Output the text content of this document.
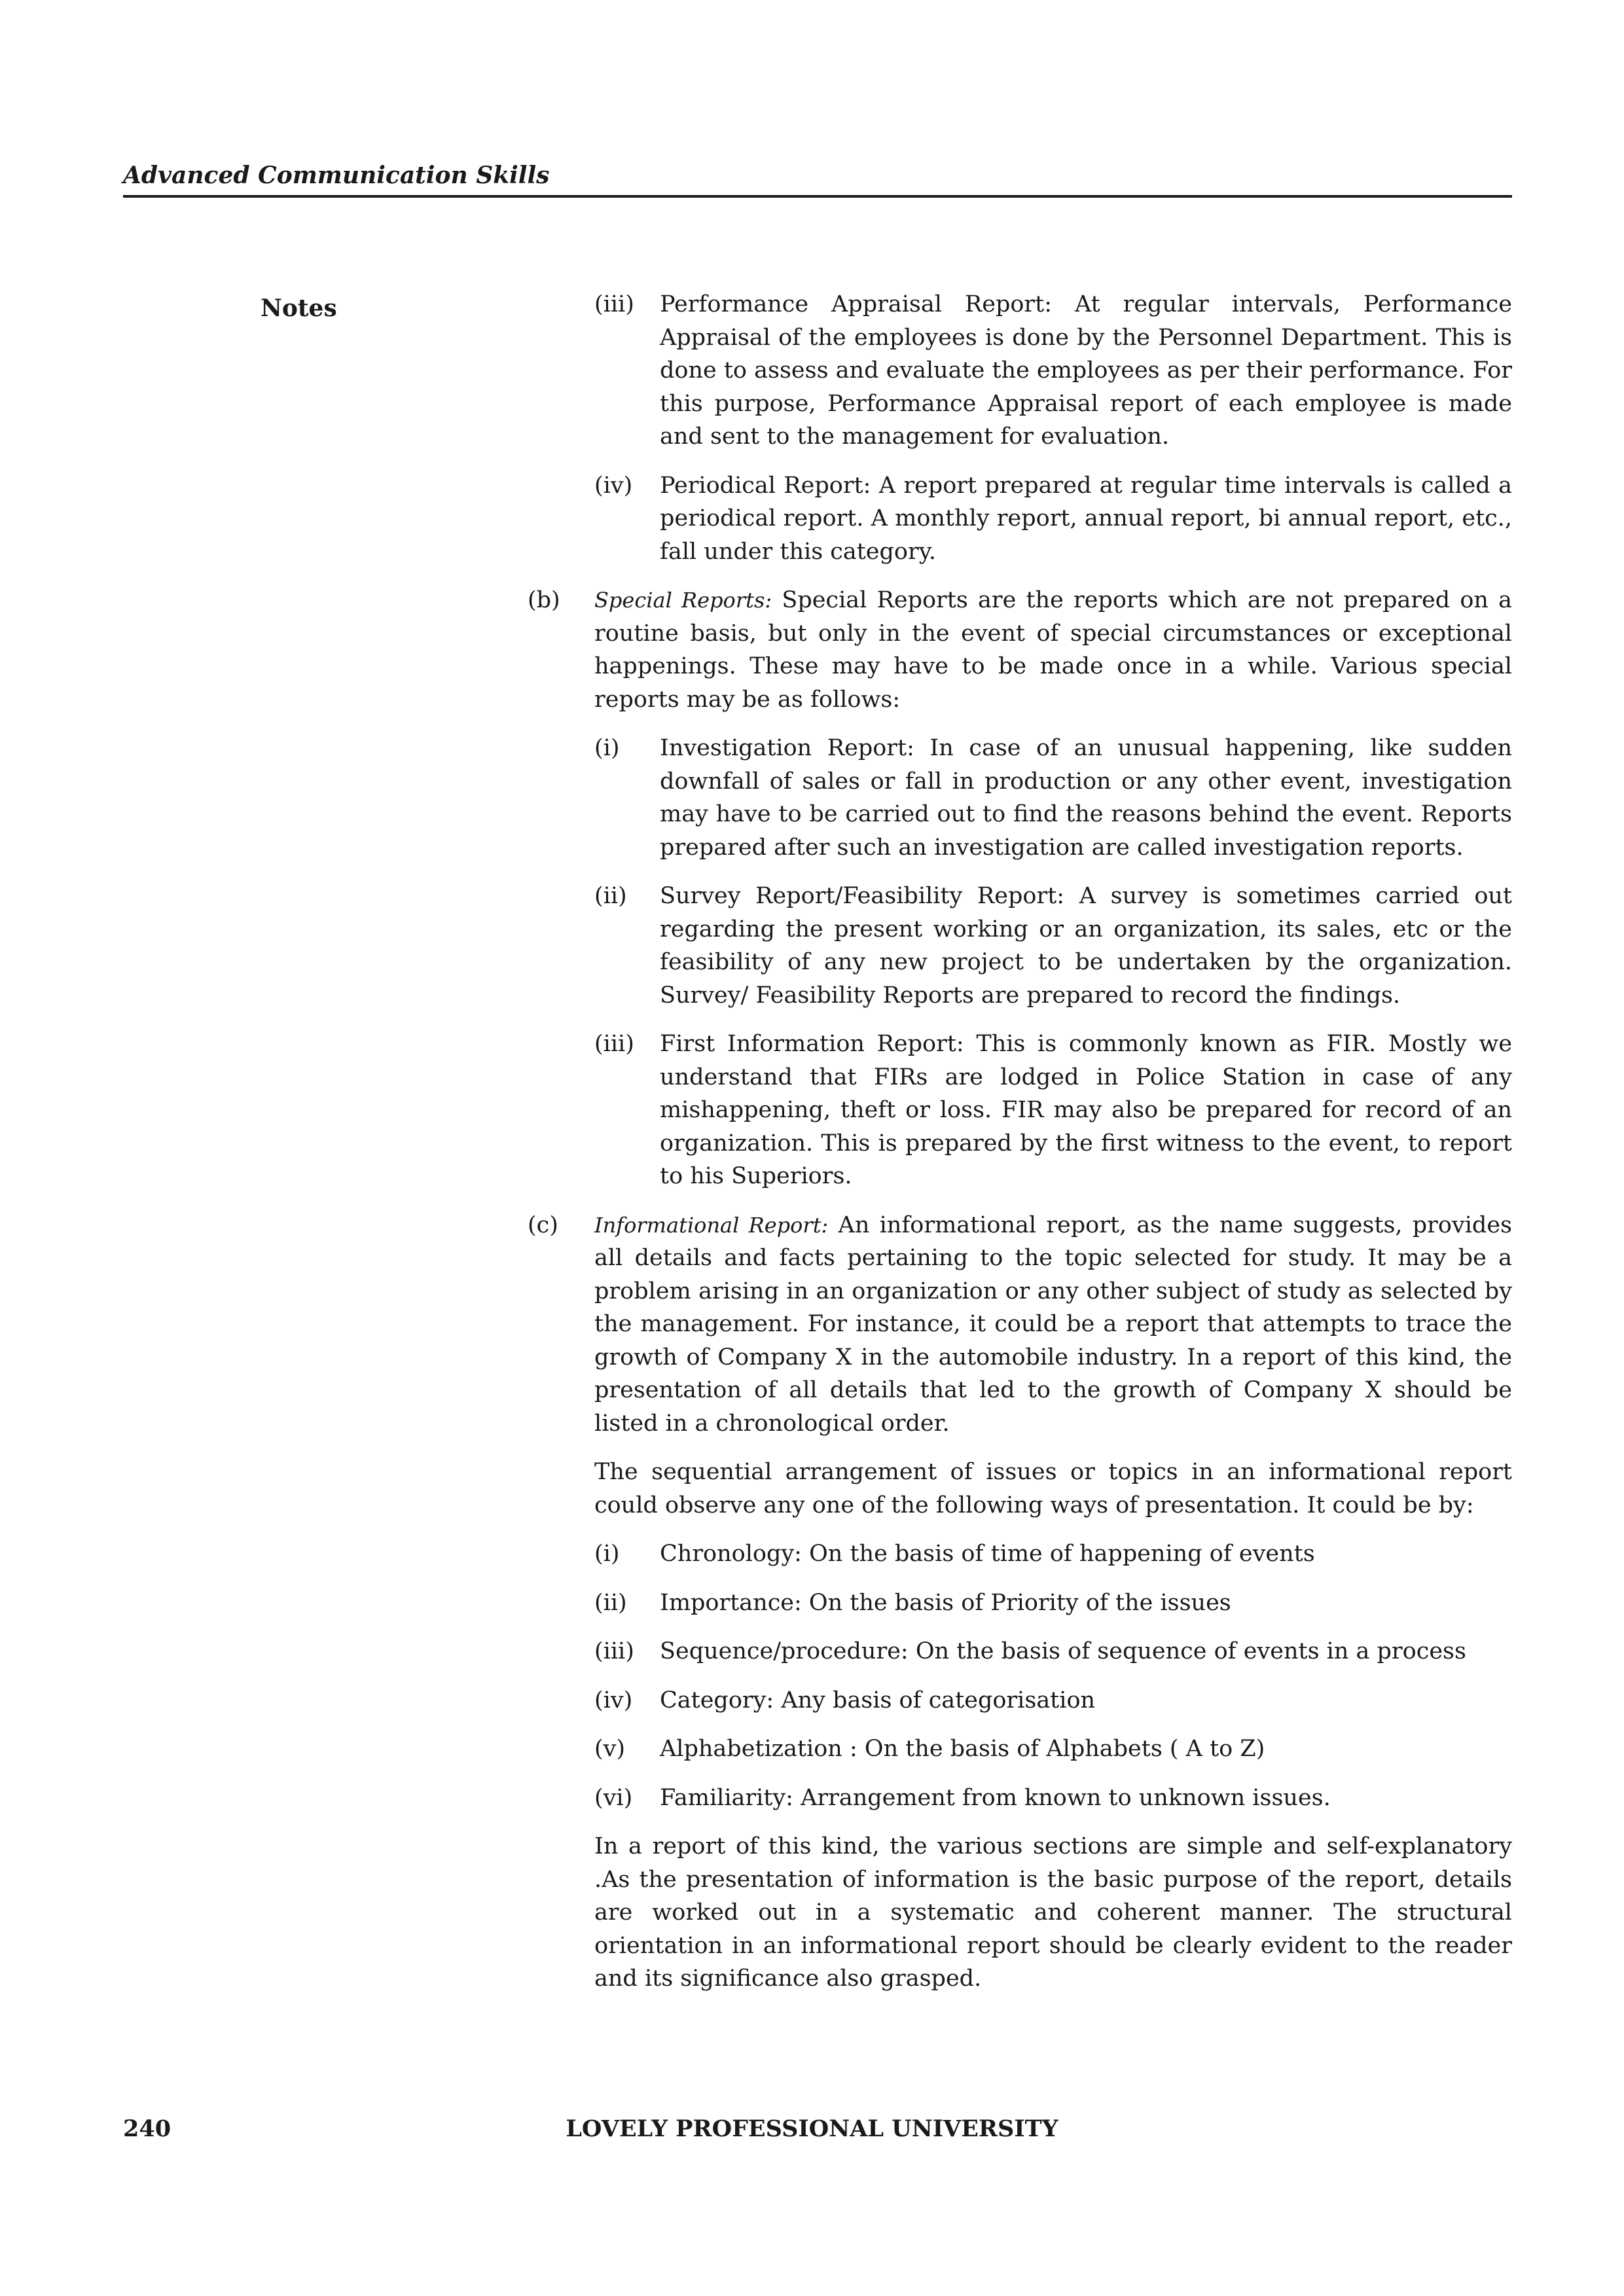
Advanced Communication Skills
Notes	(iii) Performance Appraisal Report: At regular intervals, Performance Appraisal of the employees is done by the Personnel Department. This is done to assess and evaluate the employees as per their performance. For this purpose, Performance Appraisal report of each employee is made and sent to the management for evaluation.
(iv) Periodical Report: A report prepared at regular time intervals is called a periodical report. A monthly report, annual report, bi annual report, etc., fall under this category.
(b) Special Reports: Special Reports are the reports which are not prepared on a routine basis, but only in the event of special circumstances or exceptional happenings. These may have to be made once in a while. Various special reports may be as follows:
(i) Investigation Report: In case of an unusual happening, like sudden downfall of sales or fall in production or any other event, investigation may have to be carried out to find the reasons behind the event. Reports prepared after such an investigation are called investigation reports.
(ii) Survey Report/Feasibility Report: A survey is sometimes carried out regarding the present working or an organization, its sales, etc or the feasibility of any new project to be undertaken by the organization. Survey/ Feasibility Reports are prepared to record the findings.
(iii) First Information Report: This is commonly known as FIR. Mostly we understand that FIRs are lodged in Police Station in case of any mishappening, theft or loss. FIR may also be prepared for record of an organization. This is prepared by the first witness to the event, to report to his Superiors.
(c) Informational Report: An informational report, as the name suggests, provides all details and facts pertaining to the topic selected for study. It may be a problem arising in an organization or any other subject of study as selected by the management. For instance, it could be a report that attempts to trace the growth of Company X in the automobile industry. In a report of this kind, the presentation of all details that led to the growth of Company X should be listed in a chronological order.
The sequential arrangement of issues or topics in an informational report could observe any one of the following ways of presentation. It could be by:
(i) Chronology: On the basis of time of happening of events
(ii) Importance: On the basis of Priority of the issues
(iii) Sequence/procedure: On the basis of sequence of events in a process
(iv) Category: Any basis of categorisation
(v) Alphabetization : On the basis of Alphabets ( A to Z)
(vi) Familiarity: Arrangement from known to unknown issues.
In a report of this kind, the various sections are simple and self-explanatory .As the presentation of information is the basic purpose of the report, details are worked out in a systematic and coherent manner. The structural orientation in an informational report should be clearly evident to the reader and its significance also grasped.
240	LOVELY PROFESSIONAL UNIVERSITY
